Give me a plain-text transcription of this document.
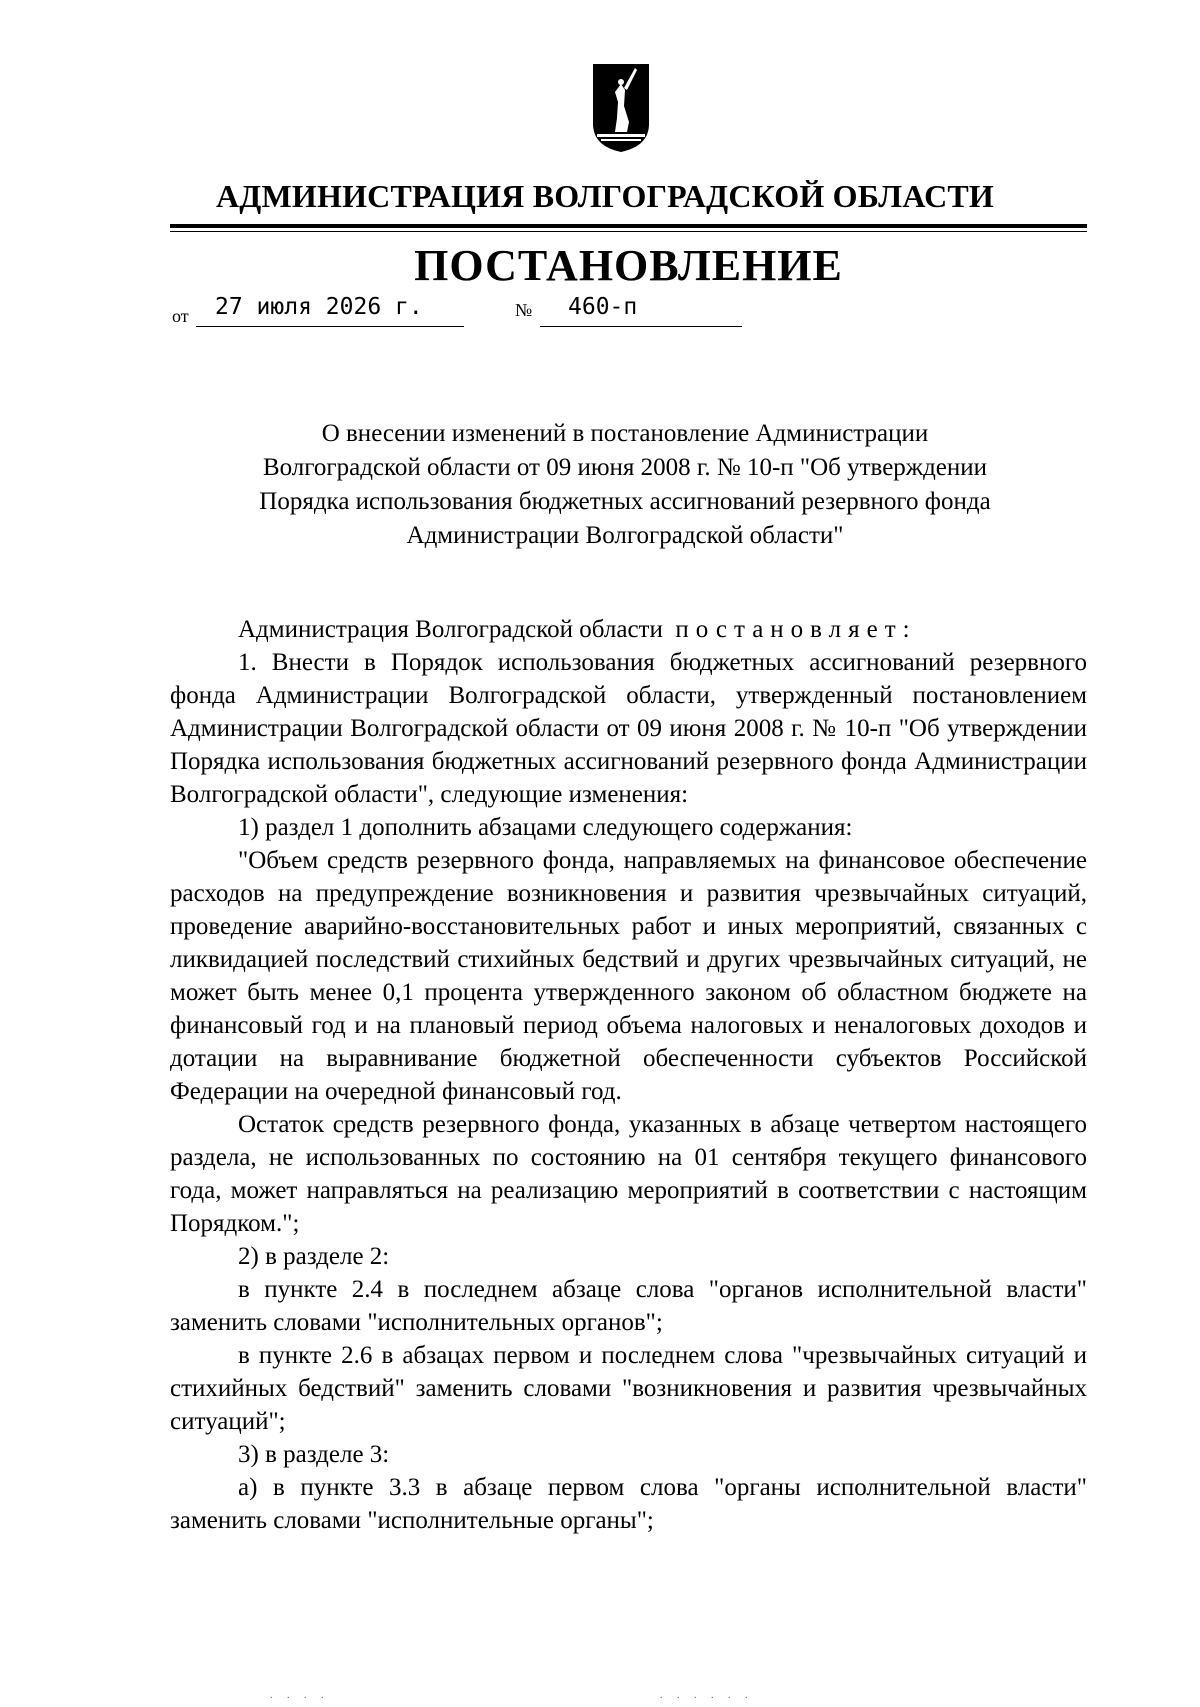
АДМИНИСТРАЦИЯ ВОЛГОГРАДСКОЙ ОБЛАСТИ
ПОСТАНОВЛЕНИЕ
от 27 июля 2026 г.	№ 460-п
О внесении изменений в постановление Администрации
Волгоградской области от 09 июня 2008 г. № 10-п "Об утверждении
Порядка использования бюджетных ассигнований резервного фонда
Администрации Волгоградской области"

Администрация Волгоградской области постановляет:

1. Внести в Порядок использования бюджетных ассигнований резервного фонда Администрации Волгоградской области, утвержденный постановлением Администрации Волгоградской области от 09 июня 2008 г. № 10-п "Об утверждении Порядка использования бюджетных ассигнований резервного фонда Администрации Волгоградской области", следующие изменения:

1) раздел 1 дополнить абзацами следующего содержания:

"Объем средств резервного фонда, направляемых на финансовое обеспечение расходов на предупреждение возникновения и развития чрезвычайных ситуаций, проведение аварийно-восстановительных работ и иных мероприятий, связанных с ликвидацией последствий стихийных бедствий и других чрезвычайных ситуаций, не может быть менее 0,1 процента утвержденного законом об областном бюджете на финансовый год и на плановый период объема налоговых и неналоговых доходов и дотации на выравнивание бюджетной обеспеченности субъектов Российской Федерации на очередной финансовый год.

Остаток средств резервного фонда, указанных в абзаце четвертом настоящего раздела, не использованных по состоянию на 01 сентября текущего финансового года, может направляться на реализацию мероприятий в соответствии с настоящим Порядком.";

2) в разделе 2:

в пункте 2.4 в последнем абзаце слова "органов исполнительной власти" заменить словами "исполнительных органов";

в пункте 2.6 в абзацах первом и последнем слова "чрезвычайных ситуаций и стихийных бедствий" заменить словами "возникновения и развития чрезвычайных ситуаций";

3) в разделе 3:

а) в пункте 3.3 в абзаце первом слова "органы исполнительной власти" заменить словами "исполнительные органы";

. . . .	. . . . . .
